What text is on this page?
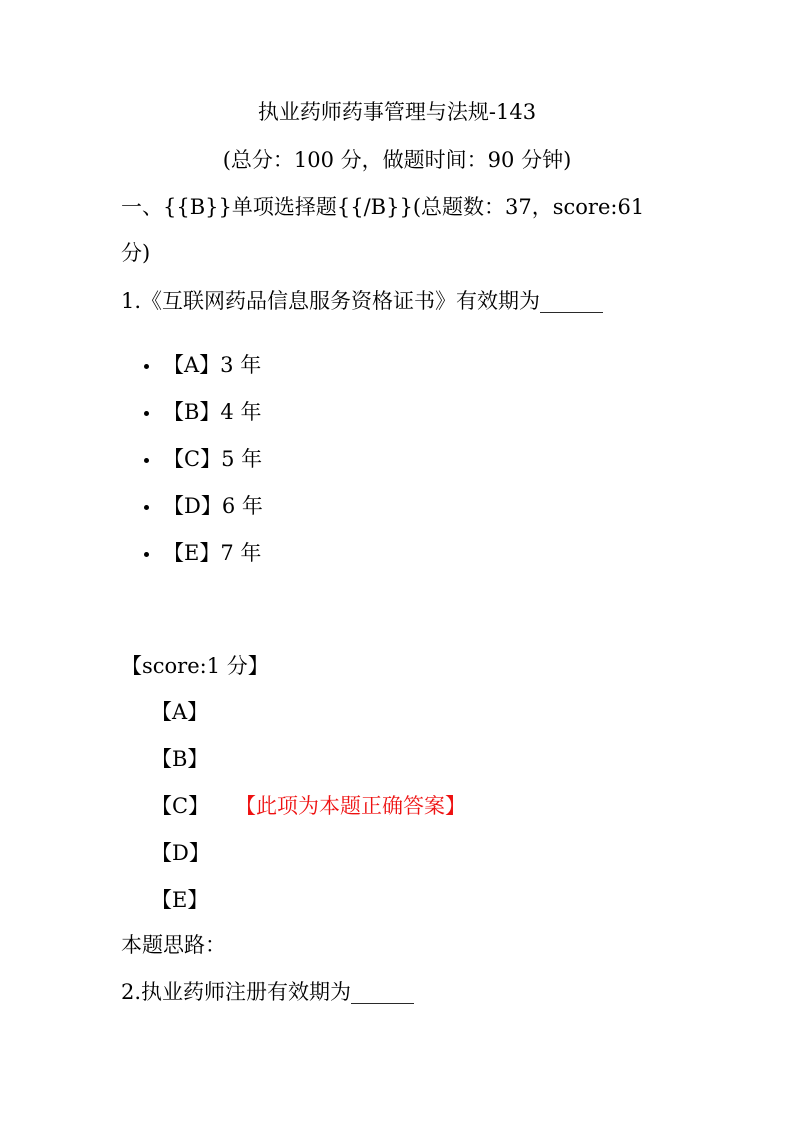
执业药师药事管理与法规-143
(总分：100 分，做题时间：90 分钟)
一、{{B}}单项选择题{{/B}}(总题数：37，score:61
分)
1.《互联网药品信息服务资格证书》有效期为______
【A】3 年
【B】4 年
【C】5 年
【D】6 年
【E】7 年
【score:1 分】
【A】
【B】
【C】 【此项为本题正确答案】
【D】
【E】
本题思路：
2.执业药师注册有效期为______
